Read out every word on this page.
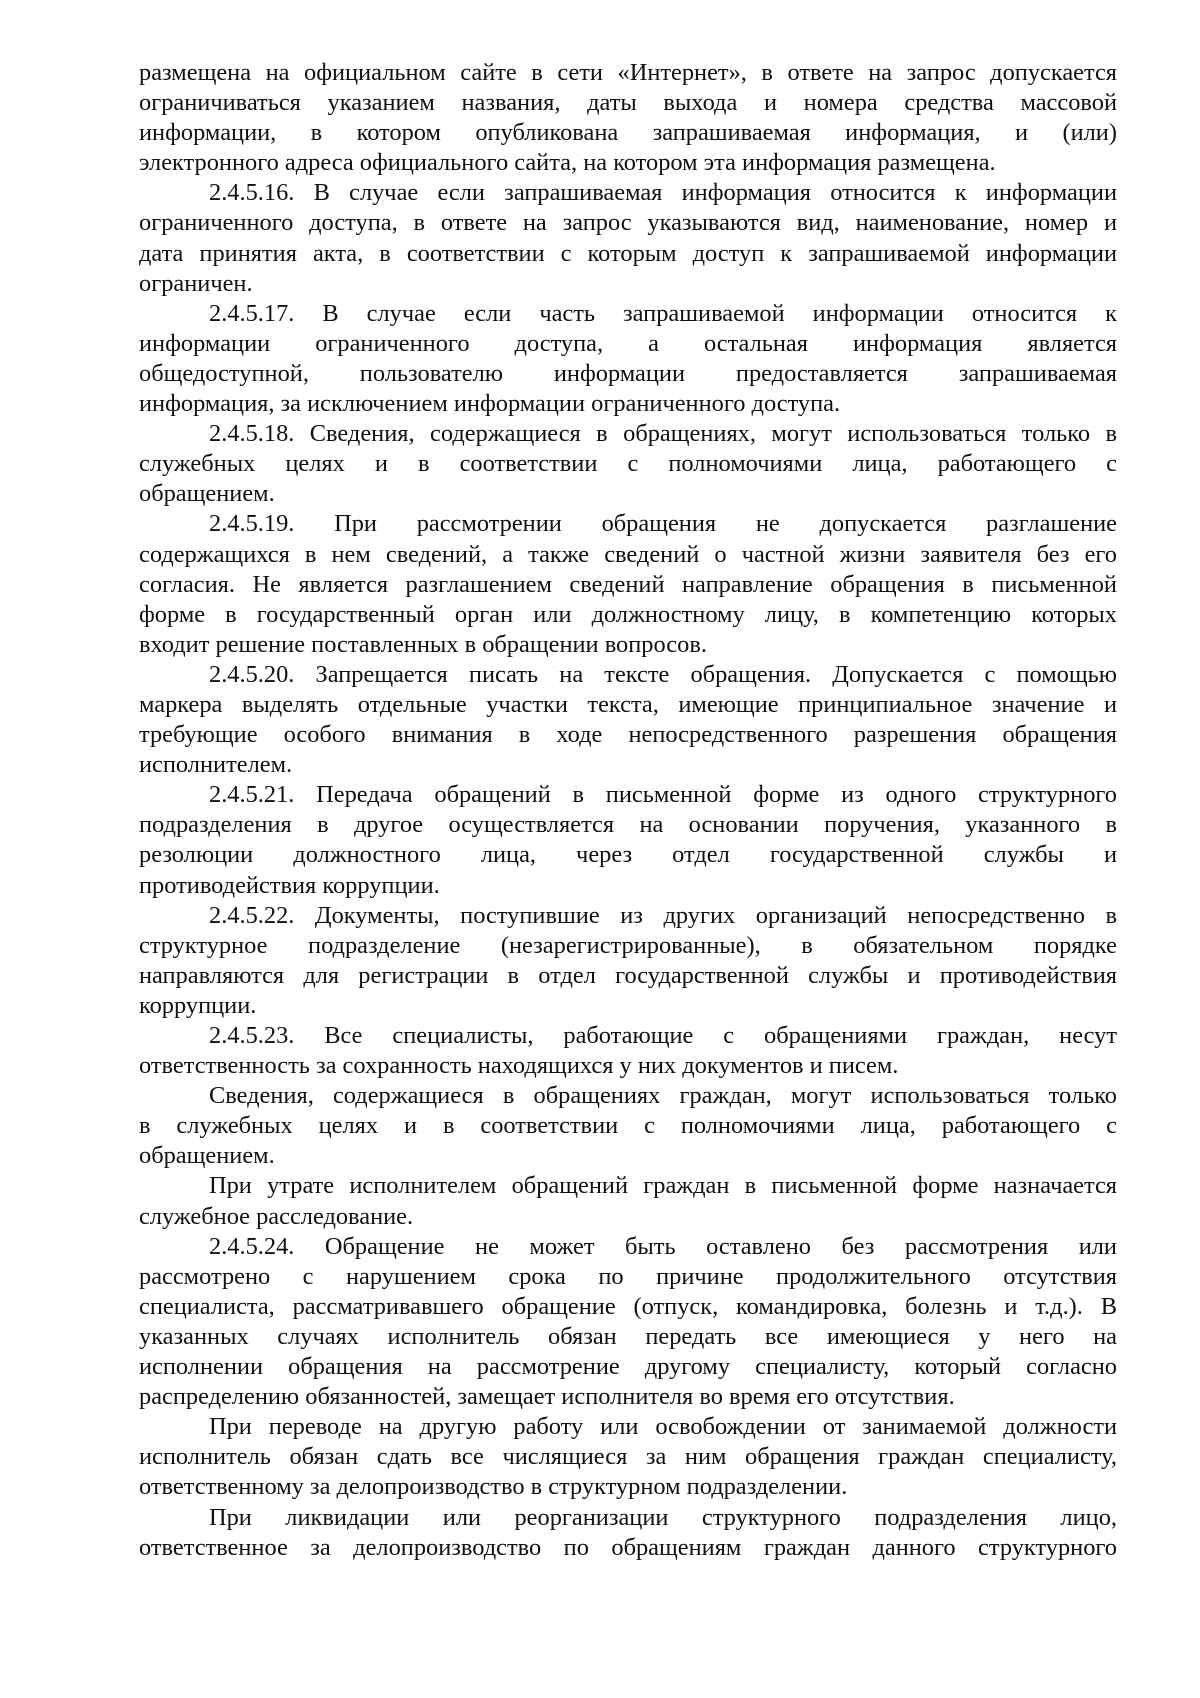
размещена на официальном сайте в сети «Интернет», в ответе на запрос допускается
ограничиваться указанием названия, даты выхода и номера средства массовой
информации, в котором опубликована запрашиваемая информация, и (или)
электронного адреса официального сайта, на котором эта информация размещена.
2.4.5.16. В случае если запрашиваемая информация относится к информации
ограниченного доступа, в ответе на запрос указываются вид, наименование, номер и
дата принятия акта, в соответствии с которым доступ к запрашиваемой информации
ограничен.
2.4.5.17. В случае если часть запрашиваемой информации относится к
информации ограниченного доступа, а остальная информация является
общедоступной, пользователю информации предоставляется запрашиваемая
информация, за исключением информации ограниченного доступа.
2.4.5.18. Сведения, содержащиеся в обращениях, могут использоваться только в
служебных целях и в соответствии с полномочиями лица, работающего с
обращением.
2.4.5.19. При рассмотрении обращения не допускается разглашение
содержащихся в нем сведений, а также сведений о частной жизни заявителя без его
согласия. Не является разглашением сведений направление обращения в письменной
форме в государственный орган или должностному лицу, в компетенцию которых
входит решение поставленных в обращении вопросов.
2.4.5.20. Запрещается писать на тексте обращения. Допускается с помощью
маркера выделять отдельные участки текста, имеющие принципиальное значение и
требующие особого внимания в ходе непосредственного разрешения обращения
исполнителем.
2.4.5.21. Передача обращений в письменной форме из одного структурного
подразделения в другое осуществляется на основании поручения, указанного в
резолюции должностного лица, через отдел государственной службы и
противодействия коррупции.
2.4.5.22. Документы, поступившие из других организаций непосредственно в
структурное подразделение (незарегистрированные), в обязательном порядке
направляются для регистрации в отдел государственной службы и противодействия
коррупции.
2.4.5.23. Все специалисты, работающие с обращениями граждан, несут
ответственность за сохранность находящихся у них документов и писем.
Сведения, содержащиеся в обращениях граждан, могут использоваться только
в служебных целях и в соответствии с полномочиями лица, работающего с
обращением.
При утрате исполнителем обращений граждан в письменной форме назначается
служебное расследование.
2.4.5.24. Обращение не может быть оставлено без рассмотрения или
рассмотрено с нарушением срока по причине продолжительного отсутствия
специалиста, рассматривавшего обращение (отпуск, командировка, болезнь и т.д.). В
указанных случаях исполнитель обязан передать все имеющиеся у него на
исполнении обращения на рассмотрение другому специалисту, который согласно
распределению обязанностей, замещает исполнителя во время его отсутствия.
При переводе на другую работу или освобождении от занимаемой должности
исполнитель обязан сдать все числящиеся за ним обращения граждан специалисту,
ответственному за делопроизводство в структурном подразделении.
При ликвидации или реорганизации структурного подразделения лицо,
ответственное за делопроизводство по обращениям граждан данного структурного
